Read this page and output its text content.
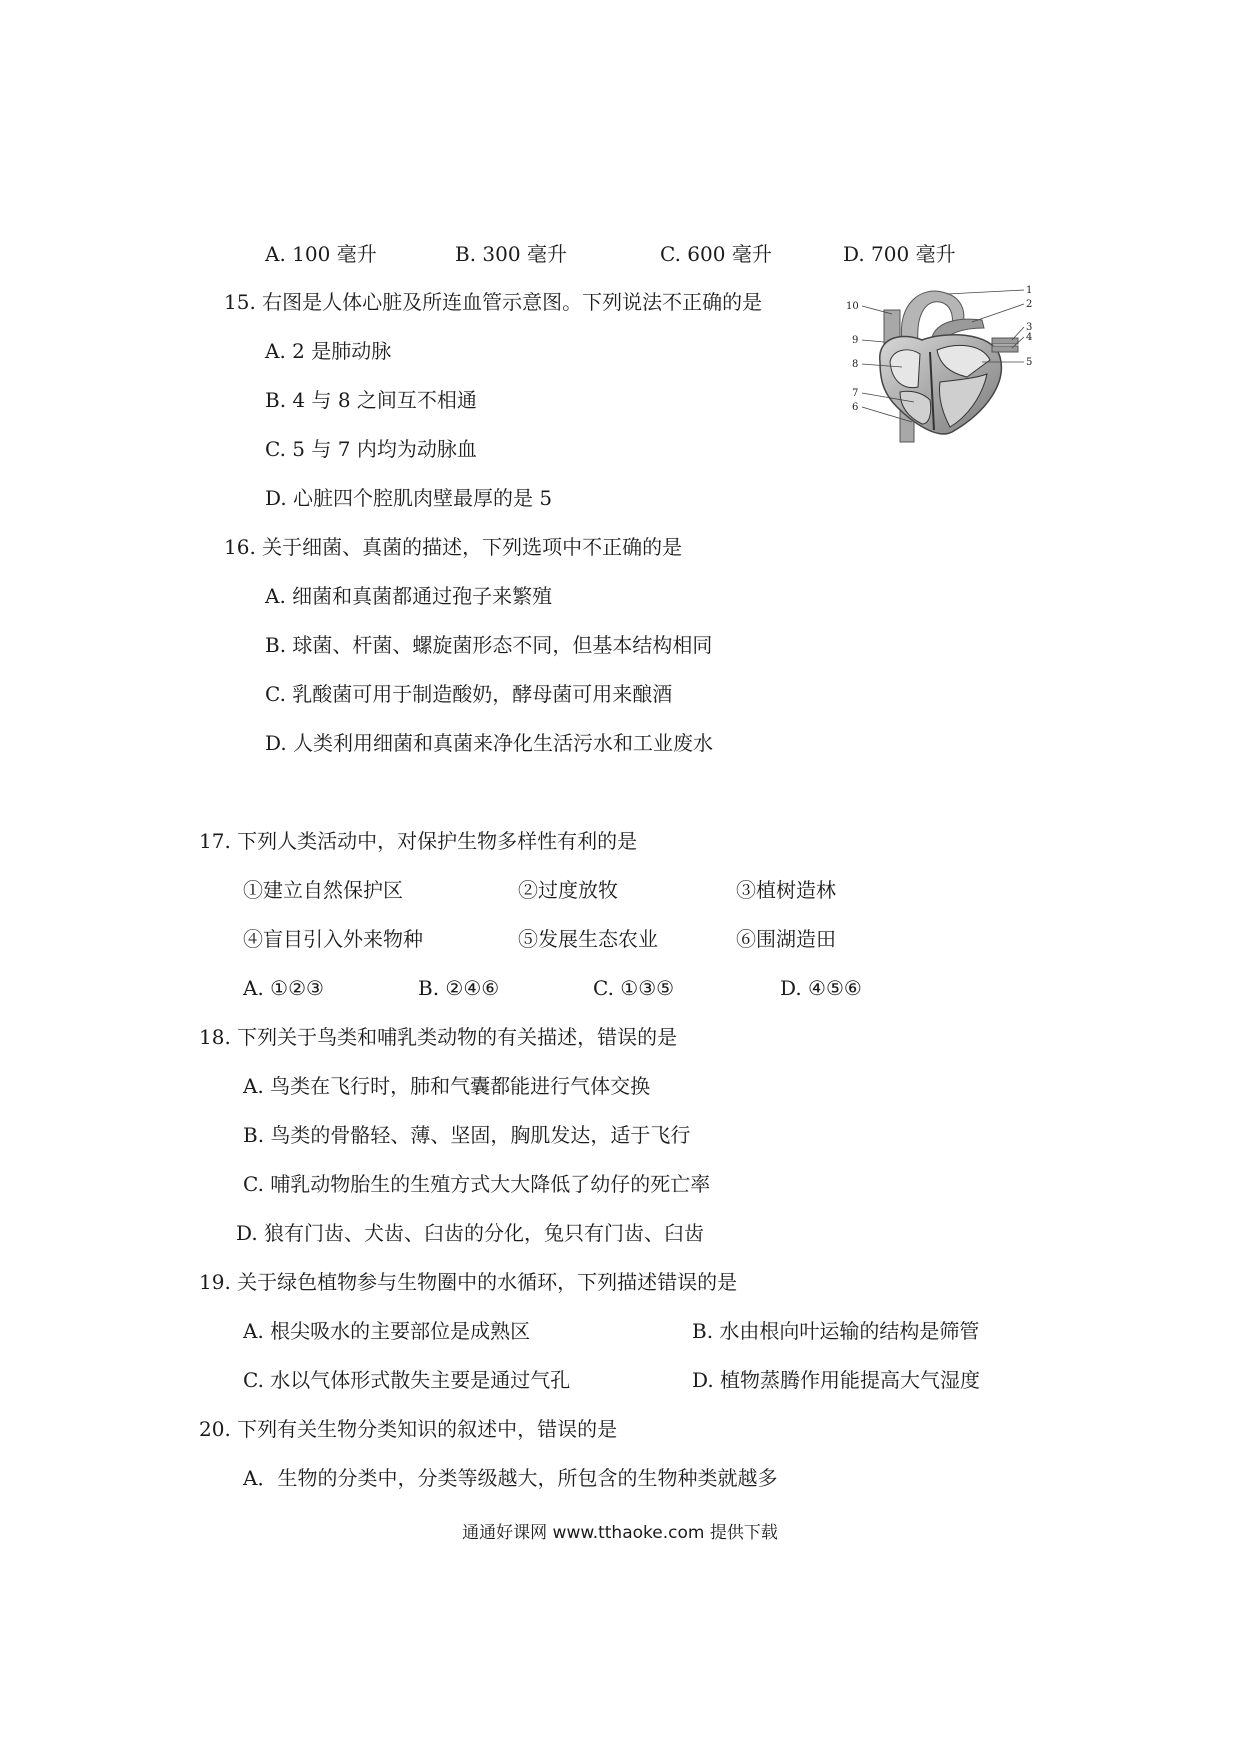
A. 100 毫升	B. 300 毫升	C. 600 毫升	D. 700 毫升
15. 右图是人体心脏及所连血管示意图。下列说法不正确的是
A. 2 是肺动脉
B. 4 与 8 之间互不相通
C. 5 与 7 内均为动脉血
D. 心脏四个腔肌肉壁最厚的是 5
1
2
3
4
5
6
7
8
9
10
16. 关于细菌、真菌的描述，下列选项中不正确的是
A. 细菌和真菌都通过孢子来繁殖
B. 球菌、杆菌、螺旋菌形态不同，但基本结构相同
C. 乳酸菌可用于制造酸奶，酵母菌可用来酿酒
D. 人类利用细菌和真菌来净化生活污水和工业废水
17. 下列人类活动中，对保护生物多样性有利的是
①建立自然保护区	②过度放牧	③植树造林
④盲目引入外来物种	⑤发展生态农业	⑥围湖造田
A. ①②③	B. ②④⑥	C. ①③⑤	D. ④⑤⑥
18. 下列关于鸟类和哺乳类动物的有关描述，错误的是
A. 鸟类在飞行时，肺和气囊都能进行气体交换
B. 鸟类的骨骼轻、薄、坚固，胸肌发达，适于飞行
C. 哺乳动物胎生的生殖方式大大降低了幼仔的死亡率
D. 狼有门齿、犬齿、臼齿的分化，兔只有门齿、臼齿
19. 关于绿色植物参与生物圈中的水循环，下列描述错误的是
A. 根尖吸水的主要部位是成熟区	B. 水由根向叶运输的结构是筛管
C. 水以气体形式散失主要是通过气孔	D. 植物蒸腾作用能提高大气湿度
20. 下列有关生物分类知识的叙述中，错误的是
A．生物的分类中，分类等级越大，所包含的生物种类就越多
通通好课网 www.tthaoke.com 提供下载
